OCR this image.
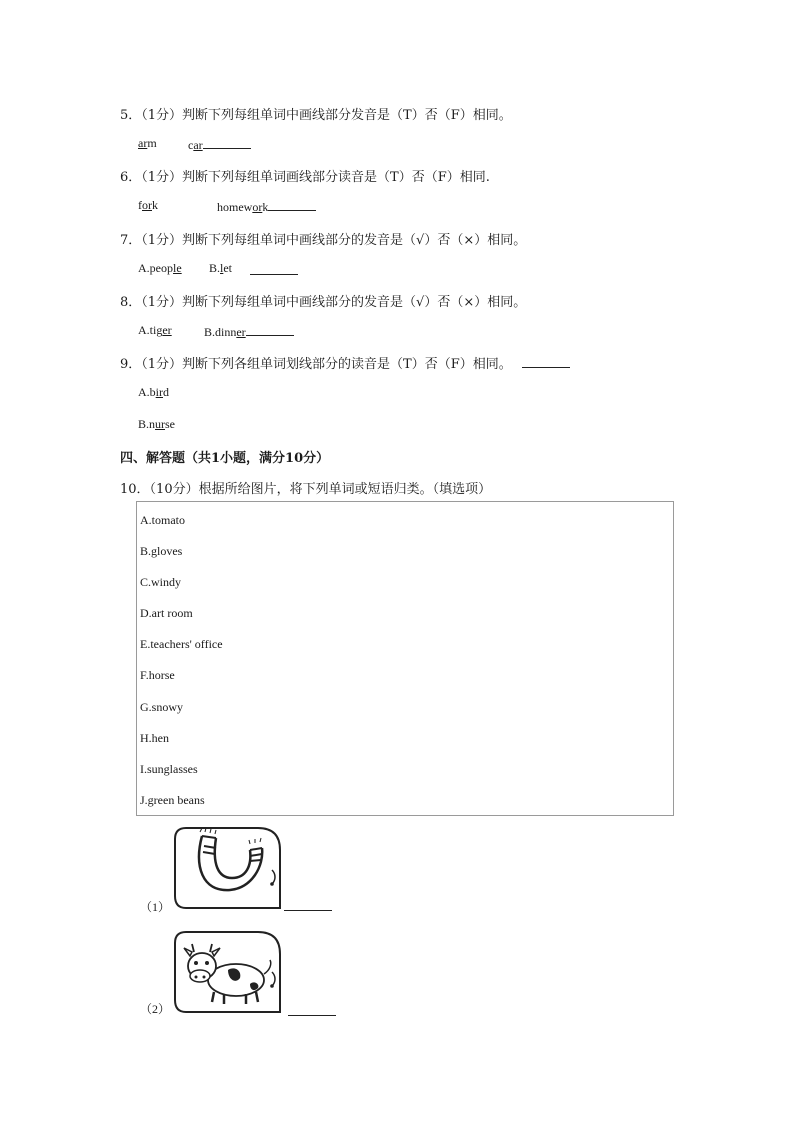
5．（1分）判断下列每组单词中画线部分发音是（T）否（F）相同。
arm	car
6．（1分）判断下列每组单词画线部分读音是（T）否（F）相同.
fork	homework
7．（1分）判断下列每组单词中画线部分的发音是（√）否（×）相同。
A.people B.let
8．（1分）判断下列每组单词中画线部分的发音是（√）否（×）相同。
A.tiger	B.dinner
9．（1分）判断下列各组单词划线部分的读音是（T）否（F）相同。
A.bird
B.nurse
四、解答题（共1小题，满分10分）
10．（10分）根据所给图片，将下列单词或短语归类。（填选项）
A.tomato
B.gloves
C.windy
D.art room
E.teachers' office
F.horse
G.snowy
H.hen
I.sunglasses
J.green beans
（1）
（2）
